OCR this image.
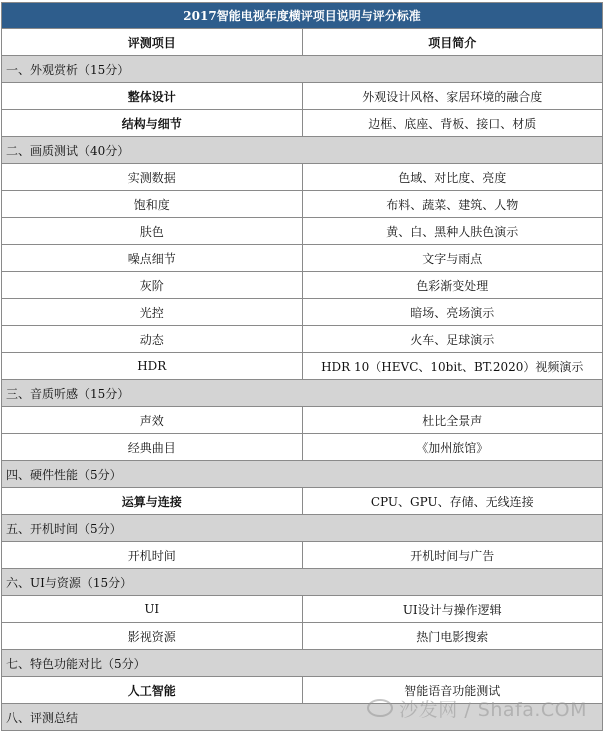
2017智能电视年度横评项目说明与评分标准	
评测项目	项目简介
一、外观赏析（15分）	
整体设计	外观设计风格、家居环境的融合度
结构与细节	边框、底座、背板、接口、材质
二、画质测试（40分）	
实测数据	色域、对比度、亮度
饱和度	布料、蔬菜、建筑、人物
肤色	黄、白、黑种人肤色演示
噪点细节	文字与雨点
灰阶	色彩渐变处理
光控	暗场、亮场演示
动态	火车、足球演示
HDR	HDR 10（HEVC、10bit、BT.2020）视频演示
三、音质听感（15分）	
声效	杜比全景声
经典曲目	《加州旅馆》
四、硬件性能（5分）	
运算与连接	CPU、GPU、存储、无线连接
五、开机时间（5分）	
开机时间	开机时间与广告
六、UI与资源（15分）	
UI	UI设计与操作逻辑
影视资源	热门电影搜索
七、特色功能对比（5分）	
人工智能	智能语音功能测试
八、评测总结		沙发网 / Shafa.COM
